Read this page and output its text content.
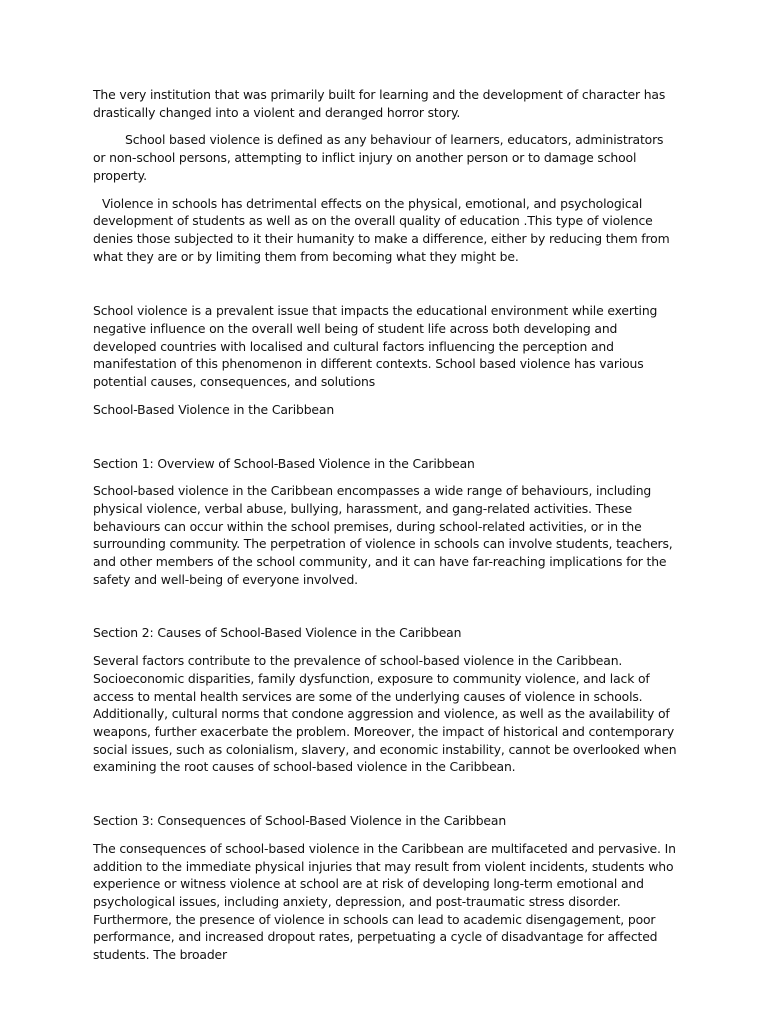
The very institution that was primarily built for learning and the development of character has drastically changed into a violent and deranged horror story.

School based violence is defined as any behaviour of learners, educators, administrators or non-school persons, attempting to inflict injury on another person or to damage school property.

Violence in schools has detrimental effects on the physical, emotional, and psychological development of students as well as on the overall quality of education .This type of violence denies those subjected to it their humanity to make a difference, either by reducing them from what they are or by limiting them from becoming what they might be.

School violence is a prevalent issue that impacts the educational environment while exerting negative influence on the overall well being of student life across both developing and developed countries with localised and cultural factors influencing the perception and manifestation of this phenomenon in different contexts. School based violence has various potential causes, consequences, and solutions

School-Based Violence in the Caribbean

Section 1: Overview of School-Based Violence in the Caribbean

School-based violence in the Caribbean encompasses a wide range of behaviours, including physical violence, verbal abuse, bullying, harassment, and gang-related activities. These behaviours can occur within the school premises, during school-related activities, or in the surrounding community. The perpetration of violence in schools can involve students, teachers, and other members of the school community, and it can have far-reaching implications for the safety and well-being of everyone involved.

Section 2: Causes of School-Based Violence in the Caribbean

Several factors contribute to the prevalence of school-based violence in the Caribbean. Socioeconomic disparities, family dysfunction, exposure to community violence, and lack of access to mental health services are some of the underlying causes of violence in schools. Additionally, cultural norms that condone aggression and violence, as well as the availability of weapons, further exacerbate the problem. Moreover, the impact of historical and contemporary social issues, such as colonialism, slavery, and economic instability, cannot be overlooked when examining the root causes of school-based violence in the Caribbean.

Section 3: Consequences of School-Based Violence in the Caribbean

The consequences of school-based violence in the Caribbean are multifaceted and pervasive. In addition to the immediate physical injuries that may result from violent incidents, students who experience or witness violence at school are at risk of developing long-term emotional and psychological issues, including anxiety, depression, and post-traumatic stress disorder. Furthermore, the presence of violence in schools can lead to academic disengagement, poor performance, and increased dropout rates, perpetuating a cycle of disadvantage for affected students. The broader
